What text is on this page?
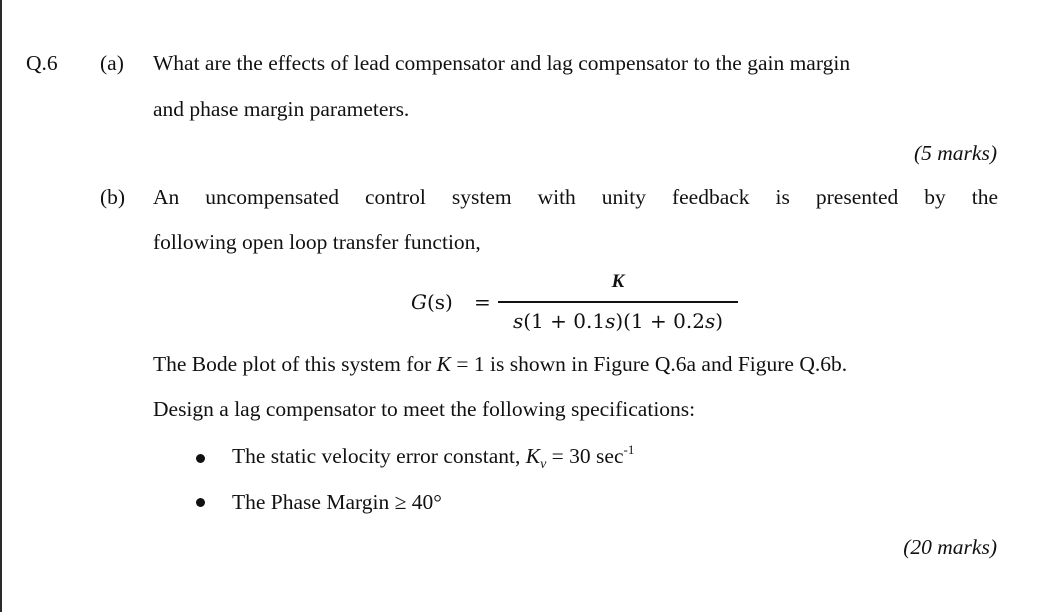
Q.6 (a) What are the effects of lead compensator and lag compensator to the gain margin
and phase margin parameters.
(5 marks)
(b) An uncompensated control system with unity feedback is presented by the
following open loop transfer function,
G(s) =
K
s(1 + 0.1s)(1 + 0.2s)
The Bode plot of this system for K = 1 is shown in Figure Q.6a and Figure Q.6b.
Design a lag compensator to meet the following specifications:
The static velocity error constant, $K_v = 30$ $\sec^{-1}$
The Phase Margin ≥ 40°
(20 marks)
